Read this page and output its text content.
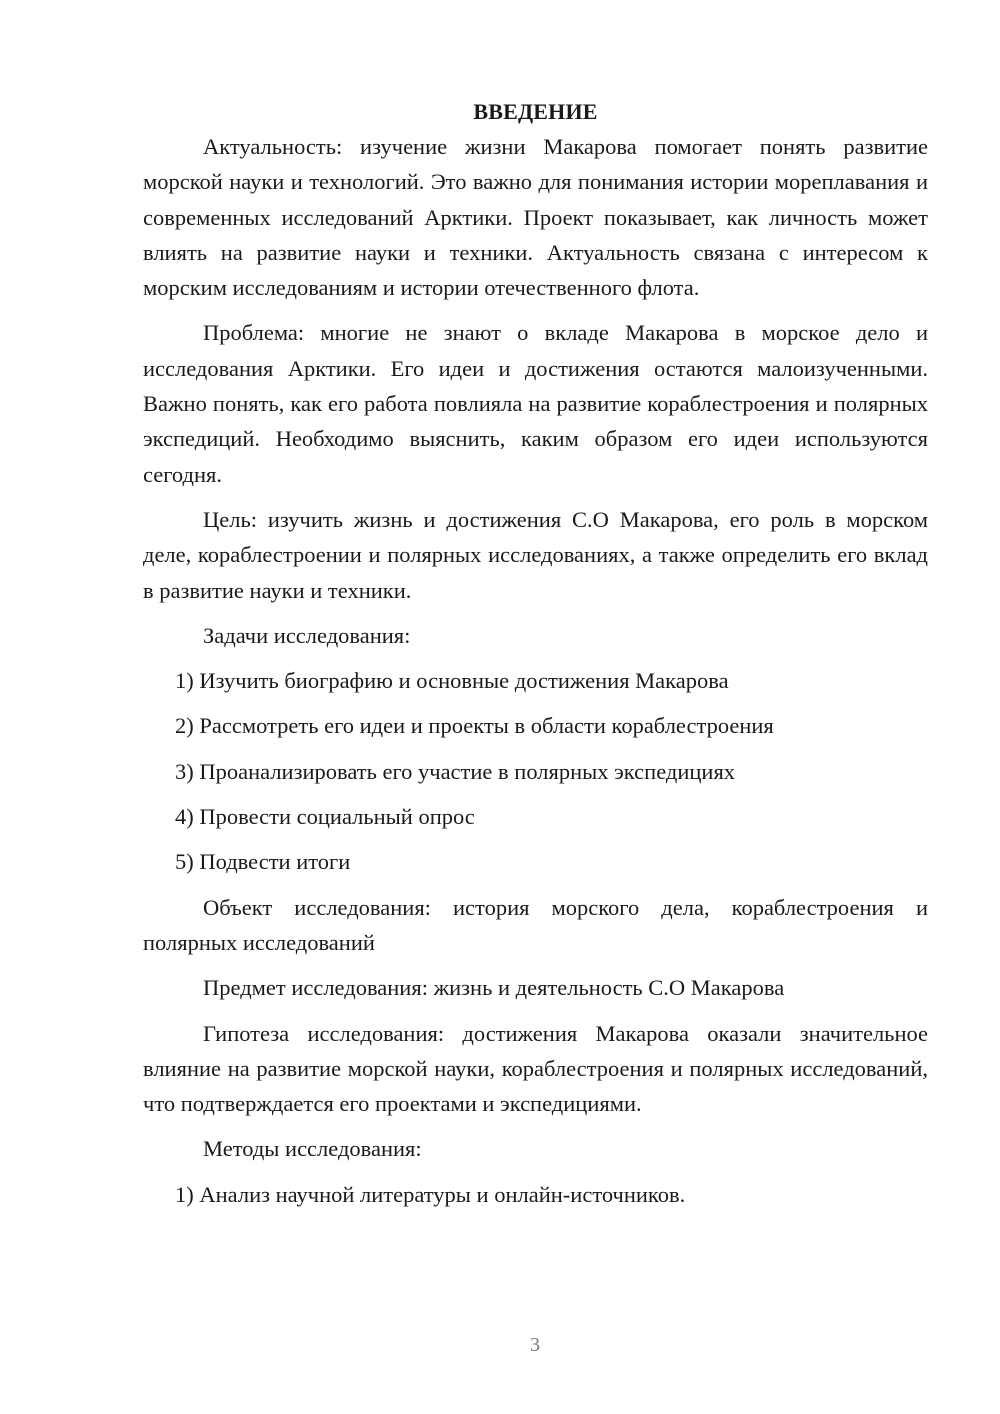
ВВЕДЕНИЕ

Актуальность: изучение жизни Макарова помогает понять развитие морской науки и технологий. Это важно для понимания истории мореплавания и современных исследований Арктики. Проект показывает, как личность может влиять на развитие науки и техники. Актуальность связана с интересом к морским исследованиям и истории отечественного флота.

Проблема: многие не знают о вкладе Макарова в морское дело и исследования Арктики. Его идеи и достижения остаются малоизученными. Важно понять, как его работа повлияла на развитие кораблестроения и полярных экспедиций. Необходимо выяснить, каким образом его идеи используются сегодня.

Цель: изучить жизнь и достижения С.О Макарова, его роль в морском деле, кораблестроении и полярных исследованиях, а также определить его вклад в развитие науки и техники.

Задачи исследования:

1) Изучить биографию и основные достижения Макарова

2) Рассмотреть его идеи и проекты в области кораблестроения

3) Проанализировать его участие в полярных экспедициях

4) Провести социальный опрос

5) Подвести итоги

Объект исследования: история морского дела, кораблестроения и полярных исследований

Предмет исследования: жизнь и деятельность С.О Макарова

Гипотеза исследования: достижения Макарова оказали значительное влияние на развитие морской науки, кораблестроения и полярных исследований, что подтверждается его проектами и экспедициями.

Методы исследования:

1) Анализ научной литературы и онлайн-источников.

3
